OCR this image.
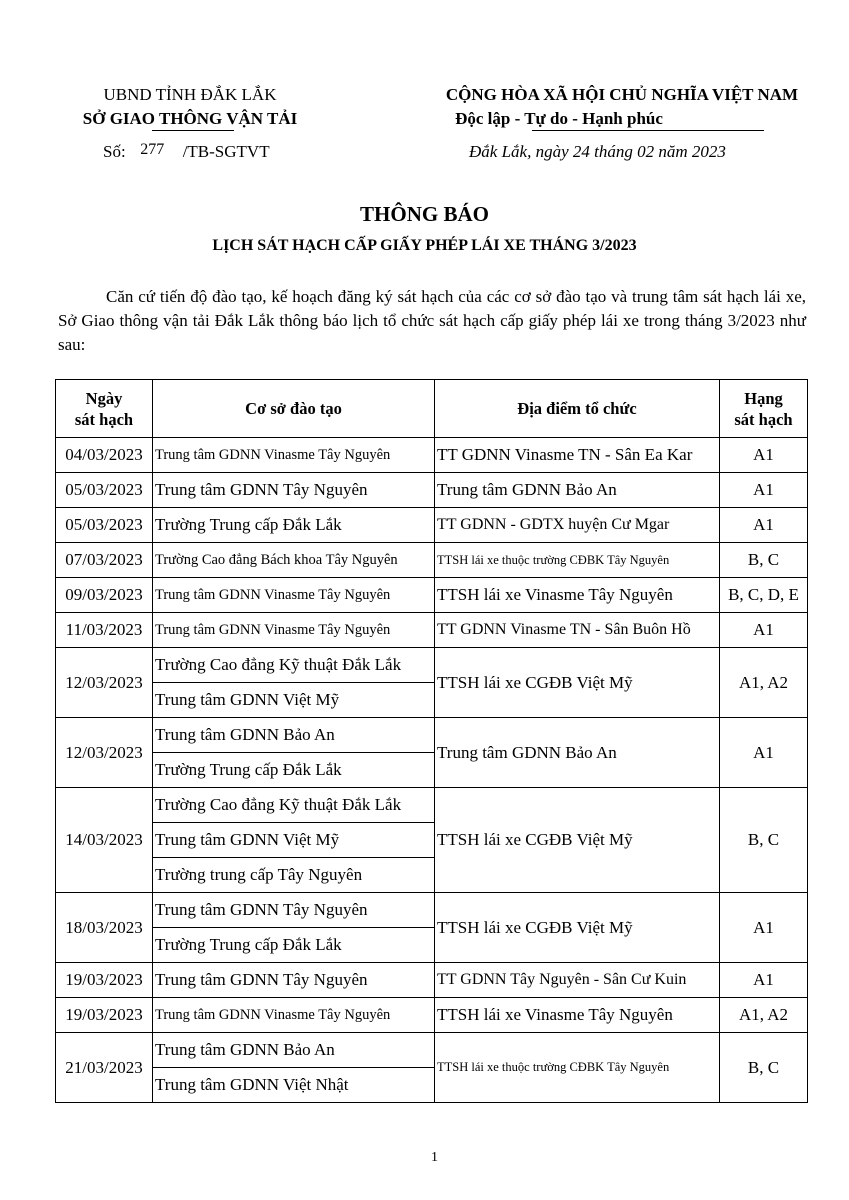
UBND TỈNH ĐẮK LẮK
SỞ GIAO THÔNG VẬN TẢI
Số: 277 /TB-SGTVT
CỘNG HÒA XÃ HỘI CHỦ NGHĨA VIỆT NAM
Độc lập - Tự do - Hạnh phúc
Đắk Lắk, ngày 24 tháng 02 năm 2023
THÔNG BÁO
LỊCH SÁT HẠCH CẤP GIẤY PHÉP LÁI XE THÁNG 3/2023
Căn cứ tiến độ đào tạo, kế hoạch đăng ký sát hạch của các cơ sở đào tạo và trung tâm sát hạch lái xe, Sở Giao thông vận tải Đắk Lắk thông báo lịch tổ chức sát hạch cấp giấy phép lái xe trong tháng 3/2023 như sau:
Ngày
sát hạch	Cơ sở đào tạo	Địa điểm tổ chức	Hạng
sát hạch
04/03/2023	Trung tâm GDNN Vinasme Tây Nguyên	TT GDNN Vinasme TN - Sân Ea Kar	A1
05/03/2023	Trung tâm GDNN Tây Nguyên	Trung tâm GDNN Bảo An	A1
05/03/2023	Trường Trung cấp Đắk Lắk	TT GDNN - GDTX huyện Cư Mgar	A1
07/03/2023	Trường Cao đẳng Bách khoa Tây Nguyên	TTSH lái xe thuộc trường CĐBK Tây Nguyên	B, C
09/03/2023	Trung tâm GDNN Vinasme Tây Nguyên	TTSH lái xe Vinasme Tây Nguyên	B, C, D, E
11/03/2023	Trung tâm GDNN Vinasme Tây Nguyên	TT GDNN Vinasme TN - Sân Buôn Hồ	A1
12/03/2023	Trường Cao đẳng Kỹ thuật Đắk Lắk	TTSH lái xe CGĐB Việt Mỹ	A1, A2
	Trung tâm GDNN Việt Mỹ		
12/03/2023	Trung tâm GDNN Bảo An	Trung tâm GDNN Bảo An	A1
	Trường Trung cấp Đắk Lắk		
14/03/2023	Trường Cao đẳng Kỹ thuật Đắk Lắk	TTSH lái xe CGĐB Việt Mỹ	B, C
	Trung tâm GDNN Việt Mỹ		
	Trường trung cấp Tây Nguyên		
18/03/2023	Trung tâm GDNN Tây Nguyên	TTSH lái xe CGĐB Việt Mỹ	A1
	Trường Trung cấp Đắk Lắk		
19/03/2023	Trung tâm GDNN Tây Nguyên	TT GDNN Tây Nguyên - Sân Cư Kuin	A1
19/03/2023	Trung tâm GDNN Vinasme Tây Nguyên	TTSH lái xe Vinasme Tây Nguyên	A1, A2
21/03/2023	Trung tâm GDNN Bảo An	TTSH lái xe thuộc trường CĐBK Tây Nguyên	B, C
	Trung tâm GDNN Việt Nhật		
1
